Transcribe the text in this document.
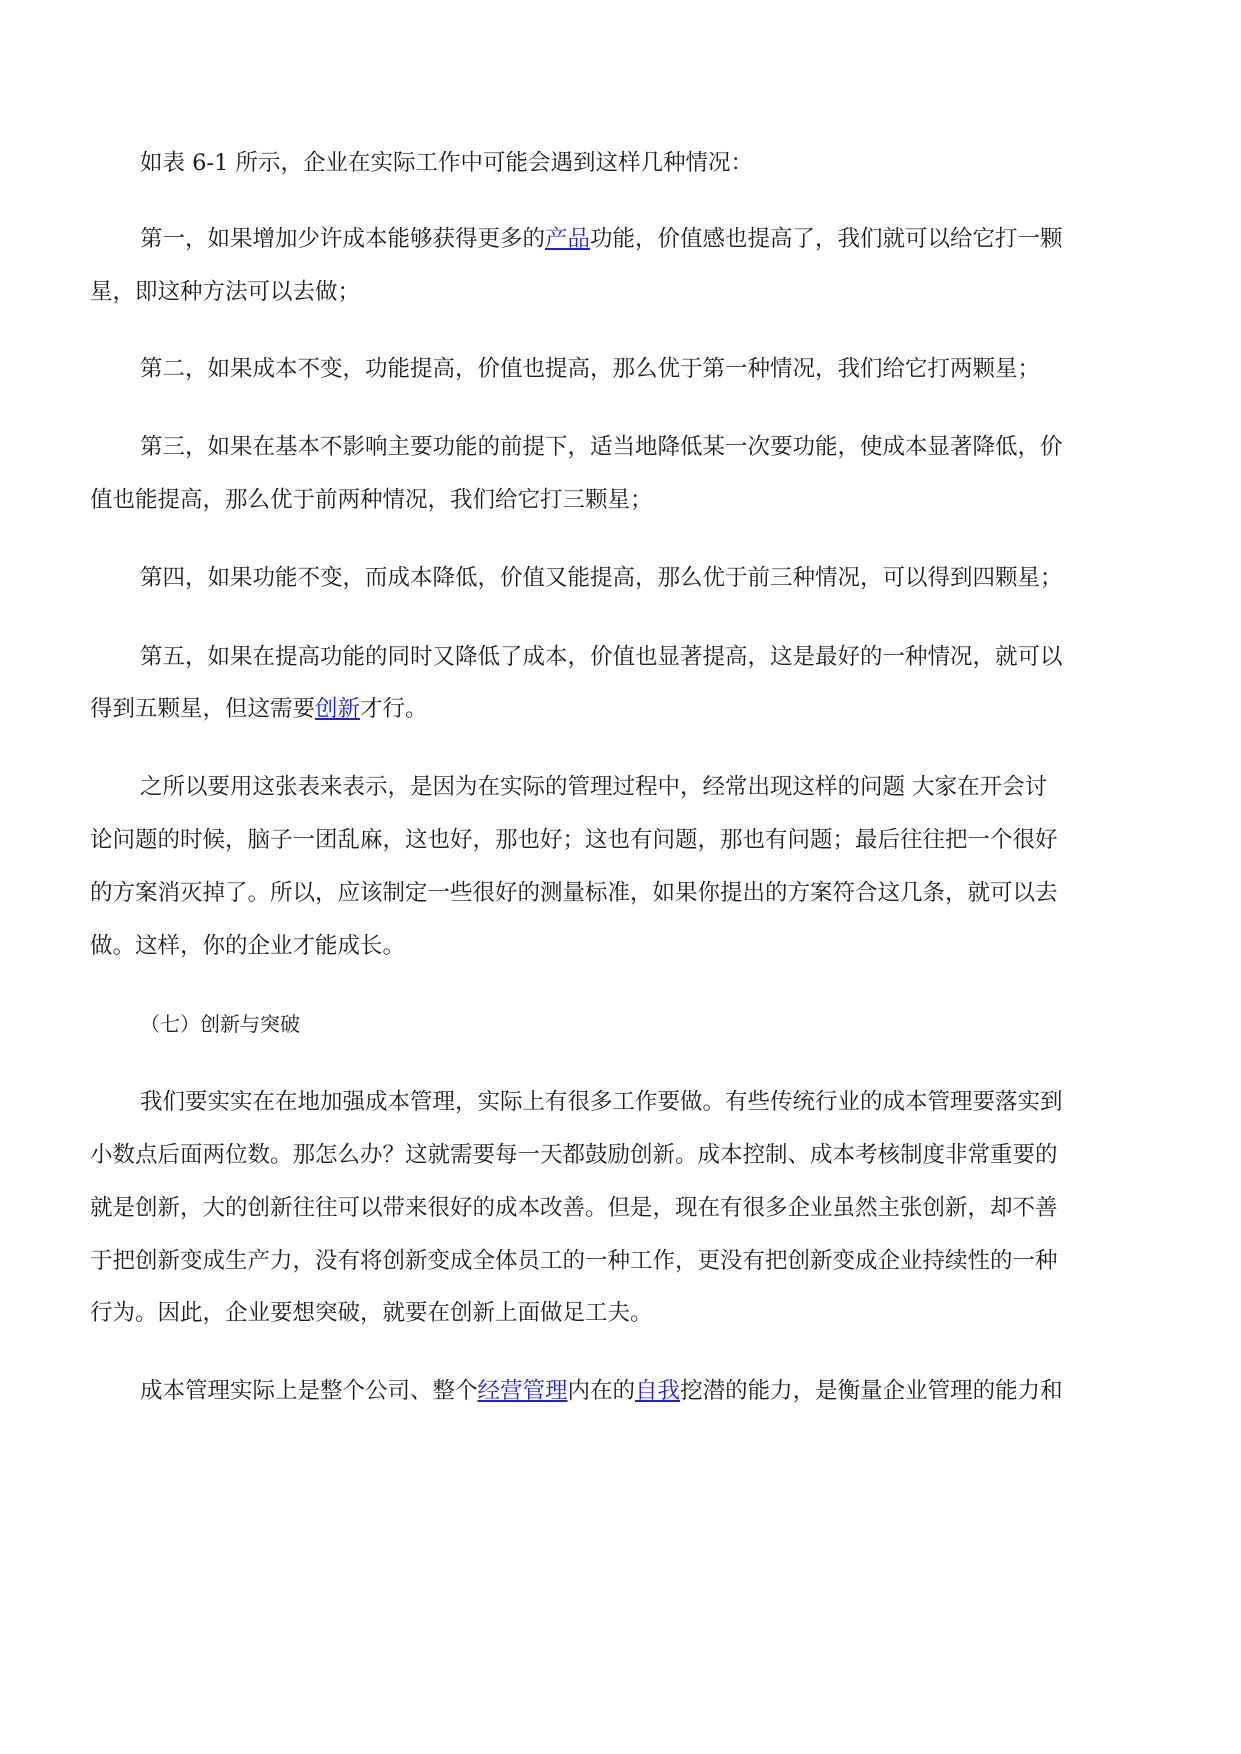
如表 6-1 所示，企业在实际工作中可能会遇到这样几种情况：
第一，如果增加少许成本能够获得更多的产品功能，价值感也提高了，我们就可以给它打一颗
星，即这种方法可以去做；
第二，如果成本不变，功能提高，价值也提高，那么优于第一种情况，我们给它打两颗星；
第三，如果在基本不影响主要功能的前提下，适当地降低某一次要功能，使成本显著降低，价
值也能提高，那么优于前两种情况，我们给它打三颗星；
第四，如果功能不变，而成本降低，价值又能提高，那么优于前三种情况，可以得到四颗星；
第五，如果在提高功能的同时又降低了成本，价值也显著提高，这是最好的一种情况，就可以
得到五颗星，但这需要创新才行。
之所以要用这张表来表示，是因为在实际的管理过程中，经常出现这样的问题 大家在开会讨
论问题的时候，脑子一团乱麻，这也好，那也好；这也有问题，那也有问题；最后往往把一个很好
的方案消灭掉了。所以，应该制定一些很好的测量标准，如果你提出的方案符合这几条，就可以去
做。这样，你的企业才能成长。
（七）创新与突破
我们要实实在在地加强成本管理，实际上有很多工作要做。有些传统行业的成本管理要落实到
小数点后面两位数。那怎么办？这就需要每一天都鼓励创新。成本控制、成本考核制度非常重要的
就是创新，大的创新往往可以带来很好的成本改善。但是，现在有很多企业虽然主张创新，却不善
于把创新变成生产力，没有将创新变成全体员工的一种工作，更没有把创新变成企业持续性的一种
行为。因此，企业要想突破，就要在创新上面做足工夫。
成本管理实际上是整个公司、整个经营管理内在的自我挖潜的能力，是衡量企业管理的能力和
